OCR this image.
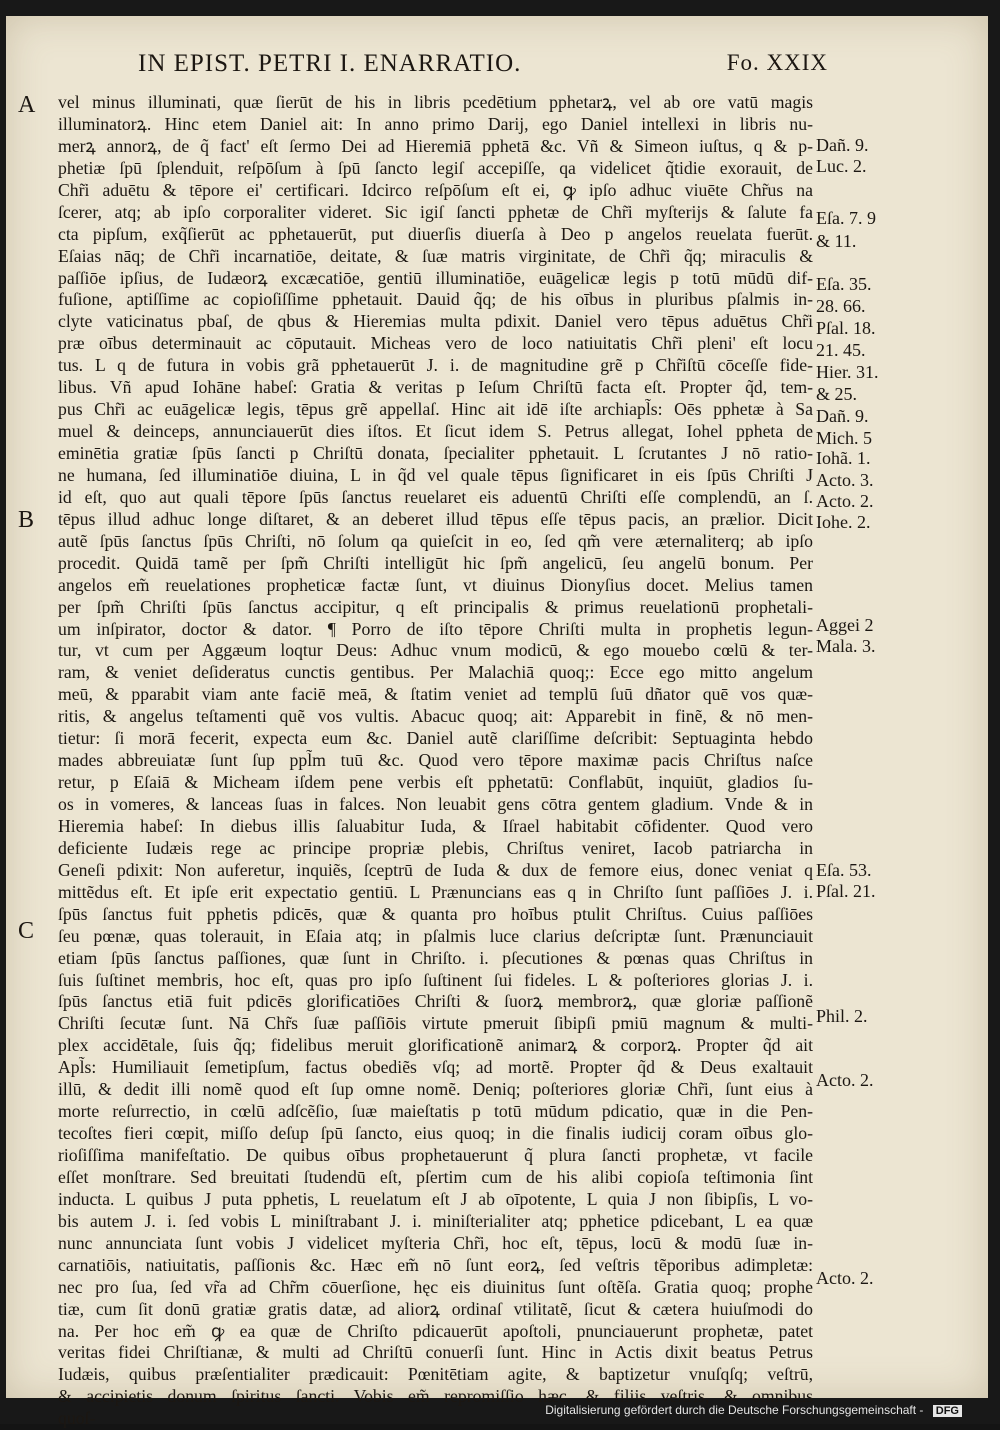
IN EPIST. PETRI I. ENARRATIO.	Fo. XXIX
A
B
C
vel minus illuminati, quæ ſierūt de his in libris pcedētium pphetarꝝ, vel ab ore vatū magis
illuminatorꝝ. Hinc etem Daniel ait: In anno primo Darij, ego Daniel intellexi in libris nu-
merꝝ annorꝝ, de q̃ fact' eſt ſermo Dei ad Hieremiā pphetā &c. Vñ & Simeon iuſtus, q & p-
phetiæ ſpū ſplenduit, reſpōſum à ſpū ſancto legiſ accepiſſe, qa videlicet q̃tidie exorauit, de
Chr̃i aduētu & tēpore ei' certificari. Idcirco reſpōſum eſt ei, ꝙ ipſo adhuc viuēte Chr̃us na
ſcerer, atq; ab ipſo corporaliter videret. Sic igiſ ſancti pphetæ de Chr̃i myſterijs & ſalute fa
cta pipſum, exq̃ſierūt ac pphetauerūt, put diuerſis diuerſa à Deo p angelos reuelata fuerūt.
Eſaias nāq; de Chr̃i incarnatiōe, deitate, & ſuæ matris virginitate, de Chr̃i q̃q; miraculis &
paſſiōe ipſius, de Iudæorꝝ excæcatiōe, gentiū illuminatiōe, euāgelicæ legis p totū mūdū dif-
fuſione, aptiſſime ac copioſiſſime pphetauit. Dauid q̃q; de his oībus in pluribus pſalmis in-
clyte vaticinatus pbaſ, de qbus & Hieremias multa pdixit. Daniel vero tēpus aduētus Chr̃i
præ oībus determinauit ac cōputauit. Micheas vero de loco natiuitatis Chr̃i pleni' eſt locu
tus. L q de futura in vobis grã pphetauerūt J. i. de magnitudine grẽ p Chr̃iſtū cōceſſe fide-
libus. Vñ apud Iohāne habeſ: Gratia & veritas p Ieſum Chriſtū facta eſt. Propter q̃d, tem-
pus Chr̃i ac euāgelicæ legis, tēpus grẽ appellaſ. Hinc ait idē iſte archiapl̃s: Oēs pphetæ à Sa
muel & deinceps, annunciauerūt dies iſtos. Et ſicut idem S. Petrus allegat, Iohel ppheta de
eminētia gratiæ ſpūs ſancti p Chriſtū donata, ſpecialiter pphetauit. L ſcrutantes J nō ratio-
ne humana, ſed illuminatiōe diuina, L in q̃d vel quale tēpus ſignificaret in eis ſpūs Chriſti J
id eſt, quo aut quali tēpore ſpūs ſanctus reuelaret eis aduentū Chriſti eſſe complendū, an ſ.
tēpus illud adhuc longe diſtaret, & an deberet illud tēpus eſſe tēpus pacis, an prælior. Dicit
autẽ ſpūs ſanctus ſpūs Chriſti, nō ſolum qa quieſcit in eo, ſed qm̃ vere æternaliterq; ab ipſo
procedit. Quidā tamẽ per ſpm̃ Chriſti intelligūt hic ſpm̃ angelicū, ſeu angelū bonum. Per
angelos em̃ reuelationes propheticæ factæ ſunt, vt diuinus Dionyſius docet. Melius tamen
per ſpm̃ Chriſti ſpūs ſanctus accipitur, q eſt principalis & primus reuelationū prophetali-
um inſpirator, doctor & dator. ¶ Porro de iſto tēpore Chriſti multa in prophetis legun-
tur, vt cum per Aggæum loqtur Deus: Adhuc vnum modicū, & ego mouebo cœlū & ter-
ram, & veniet deſideratus cunctis gentibus. Per Malachiā quoq;: Ecce ego mitto angelum
meū, & pparabit viam ante faciē meā, & ſtatim veniet ad templū ſuū dñator quē vos quæ-
ritis, & angelus teſtamenti quẽ vos vultis. Abacuc quoq; ait: Apparebit in finẽ, & nō men-
tietur: ſi morā fecerit, expecta eum &c. Daniel autẽ clariſſime deſcribit: Septuaginta hebdo
mades abbreuiatæ ſunt ſup ppl̃m tuū &c. Quod vero tēpore maximæ pacis Chriſtus naſce
retur, p Eſaiā & Micheam iſdem pene verbis eſt pphetatū: Conflabūt, inquiūt, gladios ſu-
os in vomeres, & lanceas ſuas in falces. Non leuabit gens cōtra gentem gladium. Vnde & in
Hieremia habeſ: In diebus illis ſaluabitur Iuda, & Iſrael habitabit cōfidenter. Quod vero
deficiente Iudæis rege ac principe propriæ plebis, Chriſtus veniret, Iacob patriarcha in
Geneſi pdixit: Non auferetur, inquiẽs, ſceptrū de Iuda & dux de femore eius, donec veniat q
mittẽdus eſt. Et ipſe erit expectatio gentiū. L Prænuncians eas q in Chriſto ſunt paſſiōes J. i.
ſpūs ſanctus fuit pphetis pdicēs, quæ & quanta pro hoībus ptulit Chriſtus. Cuius paſſiōes
ſeu pœnæ, quas tolerauit, in Eſaia atq; in pſalmis luce clarius deſcriptæ ſunt. Prænunciauit
etiam ſpūs ſanctus paſſiones, quæ ſunt in Chriſto. i. pſecutiones & pœnas quas Chriſtus in
ſuis ſuſtinet membris, hoc eſt, quas pro ipſo ſuſtinent ſui fideles. L & poſteriores glorias J. i.
ſpūs ſanctus etiā fuit pdicēs glorificatiōes Chriſti & ſuorꝝ membrorꝝ, quæ gloriæ paſſionẽ
Chriſti ſecutæ ſunt. Nā Chr̃s ſuæ paſſiōis virtute pmeruit ſibipſi pmiū magnum & multi-
plex accidētale, ſuis q̃q; fidelibus meruit glorificationẽ animarꝝ & corporꝝ. Propter q̃d ait
Apl̃s: Humiliauit ſemetipſum, factus obediẽs vſq; ad mortẽ. Propter q̃d & Deus exaltauit
illū, & dedit illi nomẽ quod eſt ſup omne nomẽ. Deniq; poſteriores gloriæ Chr̃i, ſunt eius à
morte reſurrectio, in cœlū adſcẽſio, ſuæ maieſtatis p totū mūdum pdicatio, quæ in die Pen-
tecoſtes fieri cœpit, miſſo deſup ſpū ſancto, eius quoq; in die finalis iudicij coram oībus glo-
rioſiſſima manifeſtatio. De quibus oībus prophetauerunt q̃ plura ſancti prophetæ, vt facile
eſſet monſtrare. Sed breuitati ſtudendū eſt, pſertim cum de his alibi copioſa teſtimonia ſint
inducta. L quibus J puta pphetis, L reuelatum eſt J ab oīpotente, L quia J non ſibipſis, L vo-
bis autem J. i. ſed vobis L miniſtrabant J. i. miniſterialiter atq; pphetice pdicebant, L ea quæ
nunc annunciata ſunt vobis J videlicet myſteria Chr̃i, hoc eſt, tēpus, locū & modū ſuæ in-
carnatiōis, natiuitatis, paſſionis &c. Hæc em̃ nō ſunt eorꝝ, ſed veſtris tẽporibus adimpletæ:
nec pro ſua, ſed vr̃a ad Chr̃m cōuerſione, hęc eis diuinitus ſunt oſtẽſa. Gratia quoq; prophe
tiæ, cum ſit donū gratiæ gratis datæ, ad aliorꝝ ordinaſ vtilitatẽ, ſicut & cætera huiuſmodi do
na. Per hoc em̃ ꝙ ea quæ de Chriſto pdicauerūt apoſtoli, pnunciauerunt prophetæ, patet
veritas fidei Chriſtianæ, & multi ad Chriſtū conuerſi ſunt. Hinc in Actis dixit beatus Petrus
Iudæis, quibus præſentialiter prædicauit: Pœnitētiam agite, & baptizetur vnuſqſq; veſtrū,
& accipietis donum ſpiritus ſancti. Vobis em̃ repromiſſio hæc, & filijs veſtris, & omnibus
quoſ-
Dañ. 9.
Luc. 2.
Eſa. 7. 9
& 11.
Eſa. 35.
28. 66.
Pſal. 18.
21. 45.
Hier. 31.
& 25.
Dañ. 9.
Mich. 5
Iohã. 1.
Acto. 3.
Acto. 2.
Iohe. 2.
Aggei 2
Mala. 3.
Eſa. 53.
Pſal. 21.
Phil. 2.
Acto. 2.
Acto. 2.
Digitalisierung gefördert durch die Deutsche Forschungsgemeinschaft - DFG
